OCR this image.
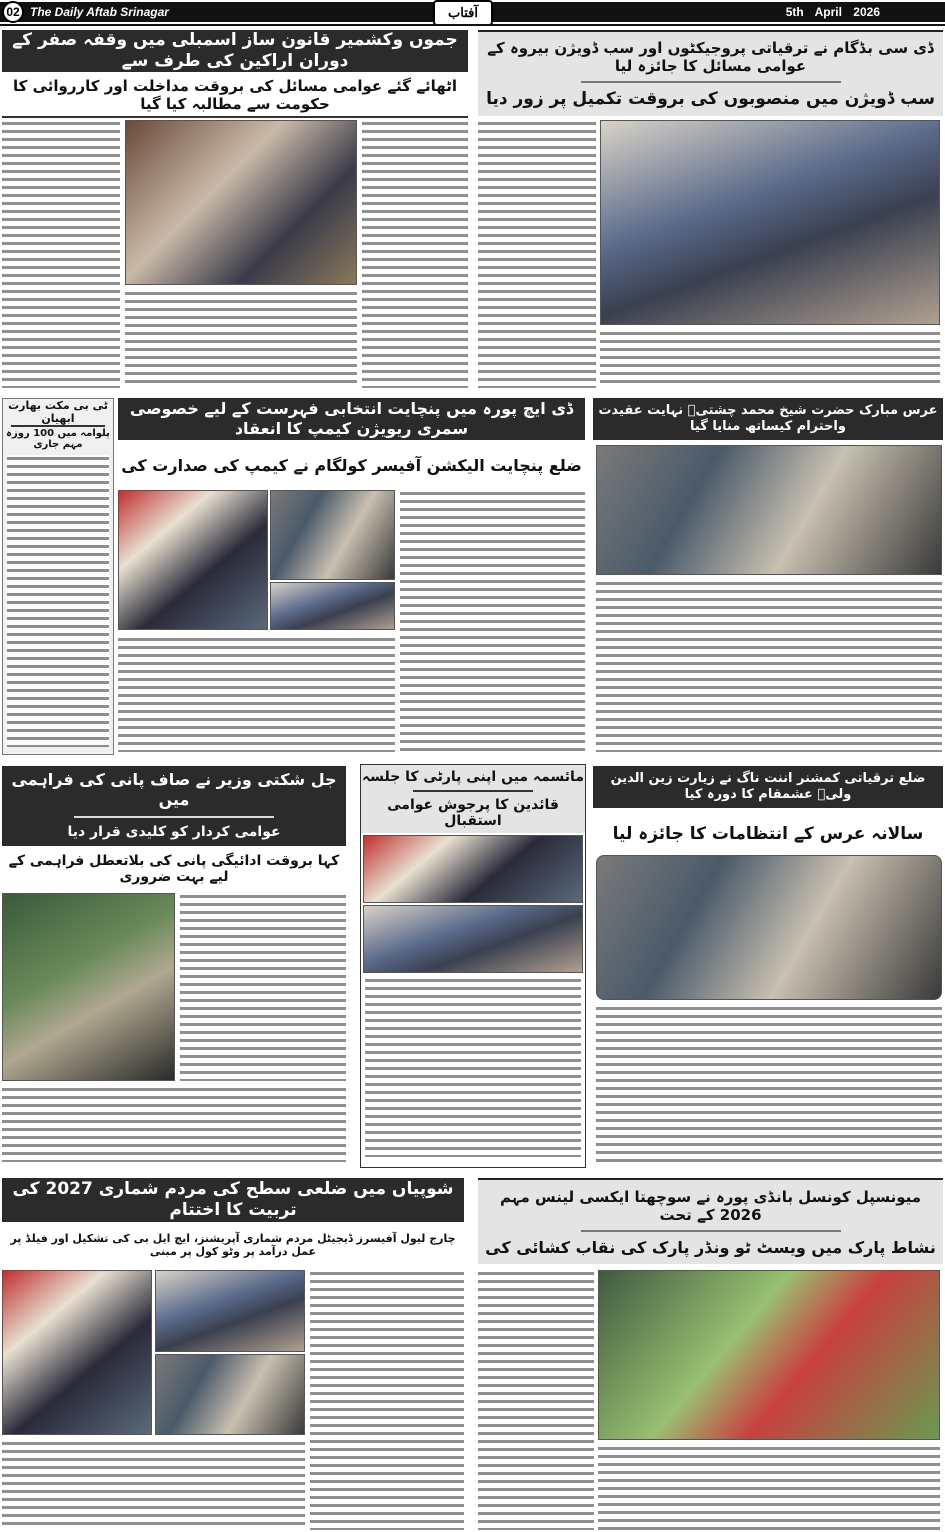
02 The Daily Aftab Srinagar	آفتاب	5th April 2026
جموں وکشمیر قانون ساز اسمبلی میں وقفہ صفر کے دوران اراکین کی طرف سے
اٹھائے گئے عوامی مسائل کی بروقت مداخلت اور کارروائی کا حکومت سے مطالبہ کیا گیا
ڈی سی بڈگام نے ترقیاتی پروجیکٹوں اور سب ڈویژن بیروہ کے عوامی مسائل کا جائزہ لیا
سب ڈویژن میں منصوبوں کی بروقت تکمیل پر زور دیا
ٹی بی مکت بھارت ابھیان
پلوامہ میں 100 روزہ مہم جاری
ڈی ایچ پورہ میں پنچایت انتخابی فہرست کے لیے خصوصی سمری ریویژن کیمپ کا انعقاد
ضلع پنچایت الیکشن آفیسر کولگام نے کیمپ کی صدارت کی
عرس مبارک حضرت شیخ محمد چشتیؒ نہایت عقیدت واحترام کیساتھ منایا گیا
جل شکتی وزیر نے صاف پانی کی فراہمی میں
عوامی کردار کو کلیدی قرار دیا
کہا بروقت ادائیگی پانی کی بلاتعطل فراہمی کے لیے بہت ضروری
مائسمہ میں اپنی پارٹی کا جلسہ
قائدین کا پرجوش عوامی استقبال
ضلع ترقیاتی کمشنر اننت ناگ نے زیارت زین الدین ولیؒ عشمقام کا دورہ کیا
سالانہ عرس کے انتظامات کا جائزہ لیا
شوپیاں میں ضلعی سطح کی مردم شماری 2027 کی تربیت کا اختتام
چارج لیول آفیسرز ڈیجیٹل مردم شماری آپریشنز، ایچ ایل بی کی تشکیل اور فیلڈ پر عمل درآمد پر وٹو کول پر مبنی
میونسپل کونسل بانڈی پورہ نے سوچھتا ایکسی لینس مہم 2026 کے تحت
نشاط پارک میں ویسٹ ٹو ونڈر پارک کی نقاب کشائی کی
